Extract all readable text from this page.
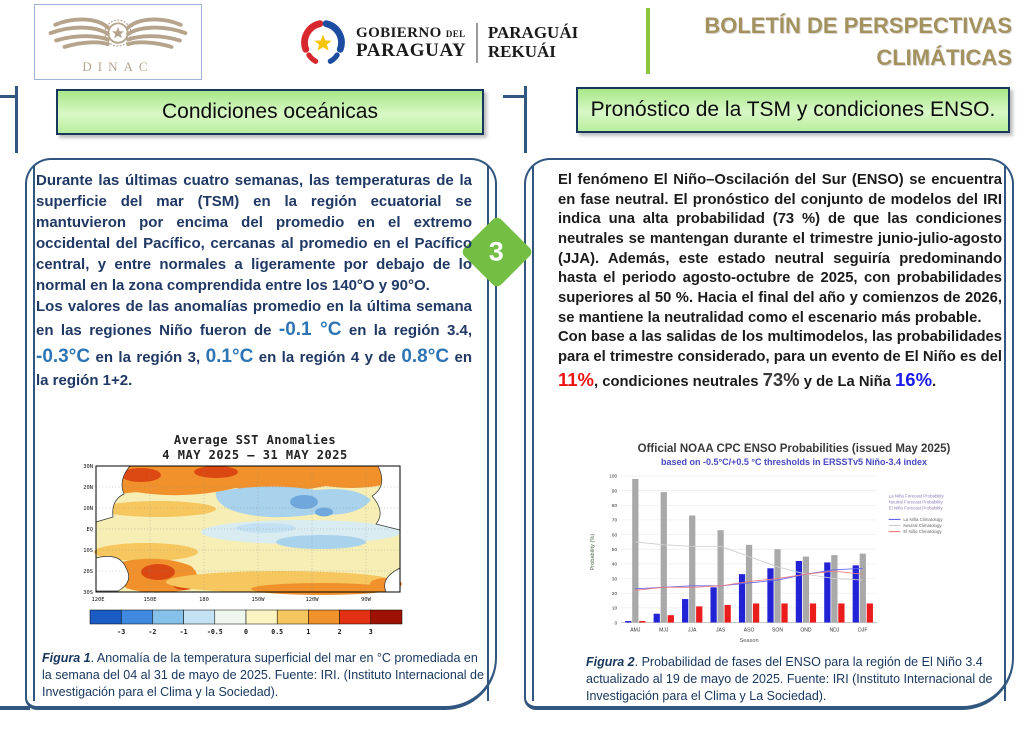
DINAC
GOBIERNO DEL
PARAGUAY
PARAGUÁI
REKUÁI
BOLETÍN DE PERSPECTIVAS
CLIMÁTICAS
Condiciones oceánicas	Pronóstico de la TSM y condiciones ENSO.
3

Durante las últimas cuatro semanas, las temperaturas de la superficie del mar (TSM) en la región ecuatorial se mantuvieron por encima del promedio en el extremo occidental del Pacífico, cercanas al promedio en el Pacífico central, y entre normales a ligeramente por debajo de lo normal en la zona comprendida entre los 140°O y 90°O.

Los valores de las anomalías promedio en la última semana en las regiones Niño fueron de -0.1 °C en la región 3.4, -0.3°C en la región 3, 0.1°C en la región 4 y de 0.8°C en la región 1+2.

Average SST Anomalies
4 MAY 2025 – 31 MAY 2025
30N
20N
10N
EQ
10S
20S
30S
120E	150E	180	150W	120W	90W
-3	-2	-1	-0.5	0	0.5	1	2	3
Figura 1. Anomalía de la temperatura superficial del mar en °C promediada en la semana del 04 al 31 de mayo de 2025. Fuente: IRI. (Instituto Internacional de Investigación para el Clima y la Sociedad).

El fenómeno El Niño–Oscilación del Sur (ENSO) se encuentra en fase neutral. El pronóstico del conjunto de modelos del IRI indica una alta probabilidad (73 %) de que las condiciones neutrales se mantengan durante el trimestre junio-julio-agosto (JJA). Además, este estado neutral seguiría predominando hasta el periodo agosto-octubre de 2025, con probabilidades superiores al 50 %. Hacia el final del año y comienzos de 2026, se mantiene la neutralidad como el escenario más probable.

Con base a las salidas de los multimodelos, las probabilidades para el trimestre considerado, para un evento de El Niño es del 11%, condiciones neutrales 73% y de La Niña 16%.

Official NOAA CPC ENSO Probabilities (issued May 2025)
based on -0.5°C/+0.5 °C thresholds in ERSSTv5 Niño-3.4 index
0
10
20
30
40
50
60
70
80
90
100
AMJ	MJJ	JJA	JAS	ASO	SON	OND	NDJ	DJF
Season
Probability (%)
La Niña Forecast Probability
Neutral Forecast Probability
El Niño Forecast Probability
La Niña Climatology
Neutral Climatology
El Niño Climatology
Figura 2. Probabilidad de fases del ENSO para la región de El Niño 3.4 actualizado al 19 de mayo de 2025. Fuente: IRI (Instituto Internacional de Investigación para el Clima y La Sociedad).
